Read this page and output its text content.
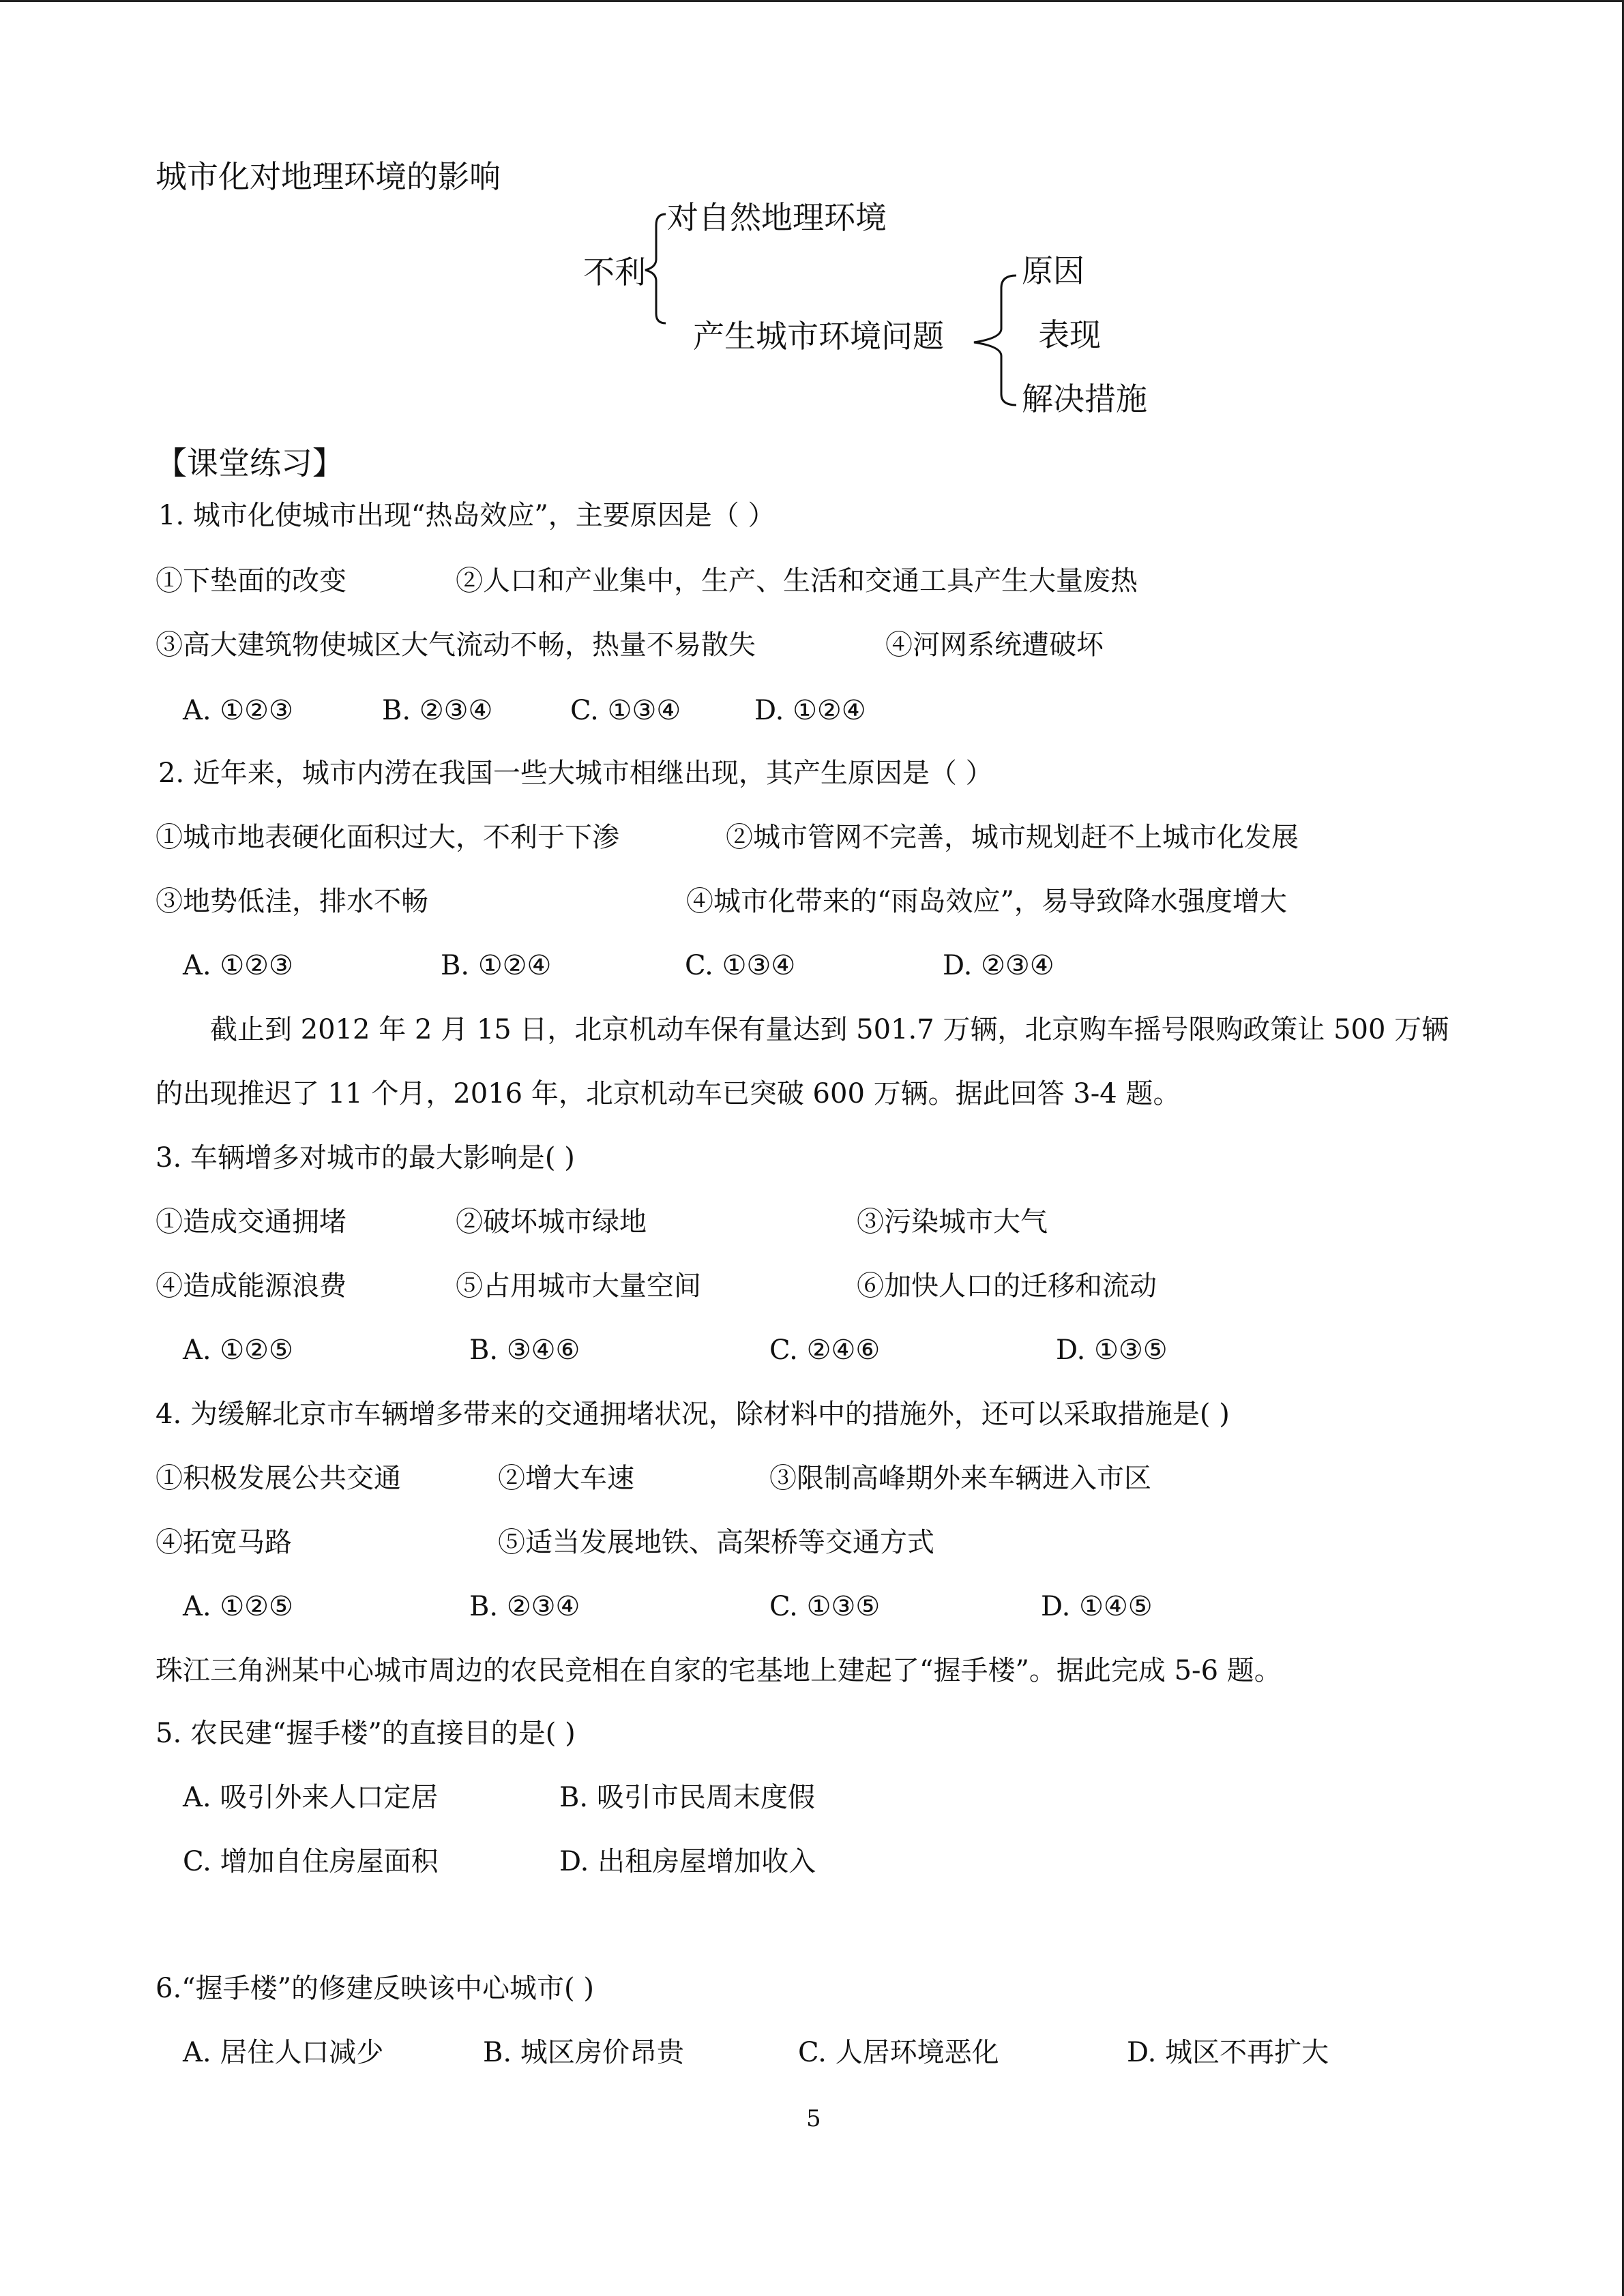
城市化对地理环境的影响
对自然地理环境
不利
产生城市环境问题
原因
表现
解决措施
【课堂练习】
1. 城市化使城市出现“热岛效应”，主要原因是（ ）
①下垫面的改变	②人口和产业集中，生产、生活和交通工具产生大量废热
③高大建筑物使城区大气流动不畅，热量不易散失	④河网系统遭破坏
A. ①②③	B. ②③④	C. ①③④	D. ①②④
2. 近年来，城市内涝在我国一些大城市相继出现，其产生原因是（ ）
①城市地表硬化面积过大，不利于下渗	②城市管网不完善，城市规划赶不上城市化发展
③地势低洼，排水不畅	④城市化带来的“雨岛效应”，易导致降水强度增大
A. ①②③	B. ①②④	C. ①③④	D. ②③④
截止到 2012 年 2 月 15 日，北京机动车保有量达到 501.7 万辆，北京购车摇号限购政策让 500 万辆
的出现推迟了 11 个月，2016 年，北京机动车已突破 600 万辆。据此回答 3-4 题。
3. 车辆增多对城市的最大影响是( )
①造成交通拥堵	②破坏城市绿地	③污染城市大气
④造成能源浪费	⑤占用城市大量空间	⑥加快人口的迁移和流动
A. ①②⑤	B. ③④⑥	C. ②④⑥	D. ①③⑤
4. 为缓解北京市车辆增多带来的交通拥堵状况，除材料中的措施外，还可以采取措施是( )
①积极发展公共交通	②增大车速	③限制高峰期外来车辆进入市区
④拓宽马路	⑤适当发展地铁、高架桥等交通方式
A. ①②⑤	B. ②③④	C. ①③⑤	D. ①④⑤
珠江三角洲某中心城市周边的农民竞相在自家的宅基地上建起了“握手楼”。据此完成 5-6 题。
5. 农民建“握手楼”的直接目的是( )
A. 吸引外来人口定居	B. 吸引市民周末度假
C. 增加自住房屋面积	D. 出租房屋增加收入
6.“握手楼”的修建反映该中心城市( )
A. 居住人口减少	B. 城区房价昂贵	C. 人居环境恶化	D. 城区不再扩大
5
